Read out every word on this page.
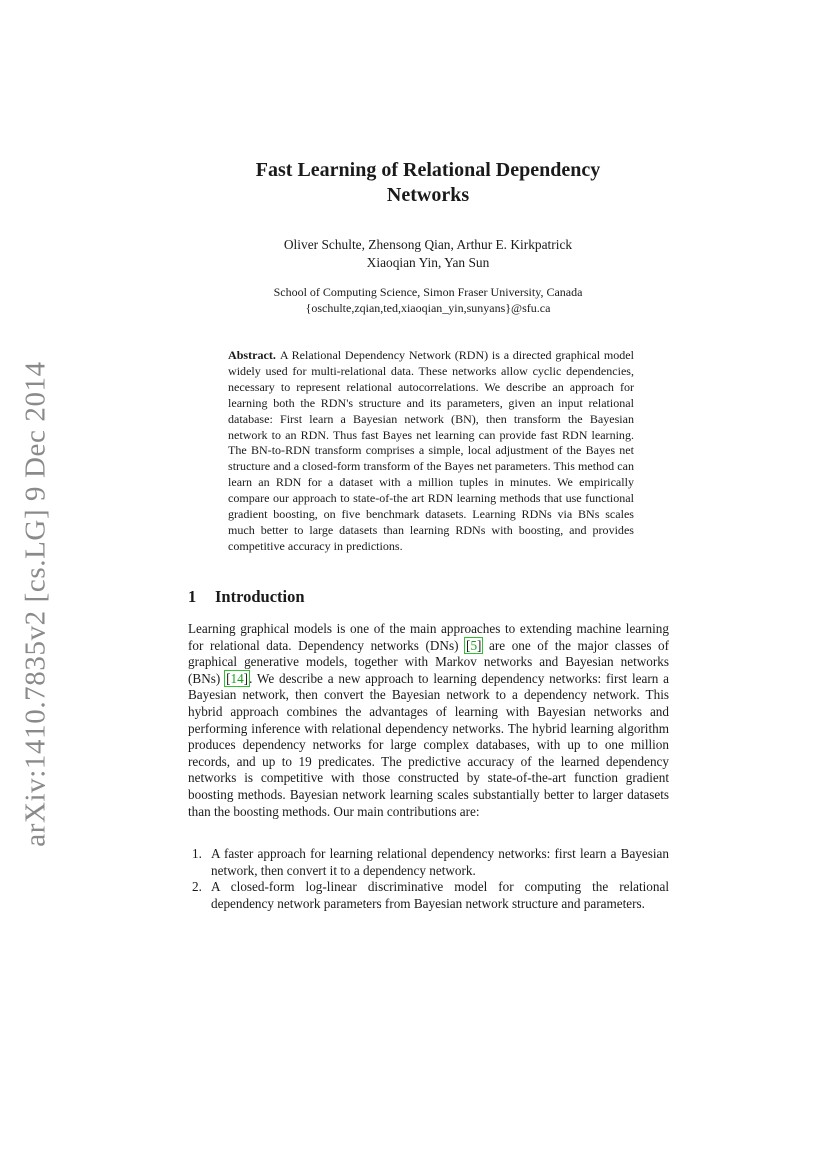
arXiv:1410.7835v2 [cs.LG] 9 Dec 2014
Fast Learning of Relational Dependency
Networks
Oliver Schulte, Zhensong Qian, Arthur E. Kirkpatrick
Xiaoqian Yin, Yan Sun
School of Computing Science, Simon Fraser University, Canada
{oschulte,zqian,ted,xiaoqian_yin,sunyans}@sfu.ca
Abstract. A Relational Dependency Network (RDN) is a directed graphical model widely used for multi-relational data. These networks allow cyclic dependencies, necessary to represent relational autocorrelations. We describe an approach for learning both the RDN's structure and its parameters, given an input relational database: First learn a Bayesian network (BN), then transform the Bayesian network to an RDN. Thus fast Bayes net learning can provide fast RDN learning. The BN-to-RDN transform comprises a simple, local adjustment of the Bayes net structure and a closed-form transform of the Bayes net parameters. This method can learn an RDN for a dataset with a million tuples in minutes. We empirically compare our approach to state-of-the art RDN learning methods that use functional gradient boosting, on five benchmark datasets. Learning RDNs via BNs scales much better to large datasets than learning RDNs with boosting, and provides competitive accuracy in predictions.
1 Introduction
Learning graphical models is one of the main approaches to extending machine learning for relational data. Dependency networks (DNs) [5] are one of the major classes of graphical generative models, together with Markov networks and Bayesian networks (BNs) [14]. We describe a new approach to learning dependency networks: first learn a Bayesian network, then convert the Bayesian network to a dependency network. This hybrid approach combines the advantages of learning with Bayesian networks and performing inference with relational dependency networks. The hybrid learning algorithm produces dependency networks for large complex databases, with up to one million records, and up to 19 predicates. The predictive accuracy of the learned dependency networks is competitive with those constructed by state-of-the-art function gradient boosting methods. Bayesian network learning scales substantially better to larger datasets than the boosting methods. Our main contributions are:
1. A faster approach for learning relational dependency networks: first learn a Bayesian network, then convert it to a dependency network.
2. A closed-form log-linear discriminative model for computing the relational dependency network parameters from Bayesian network structure and parameters.
